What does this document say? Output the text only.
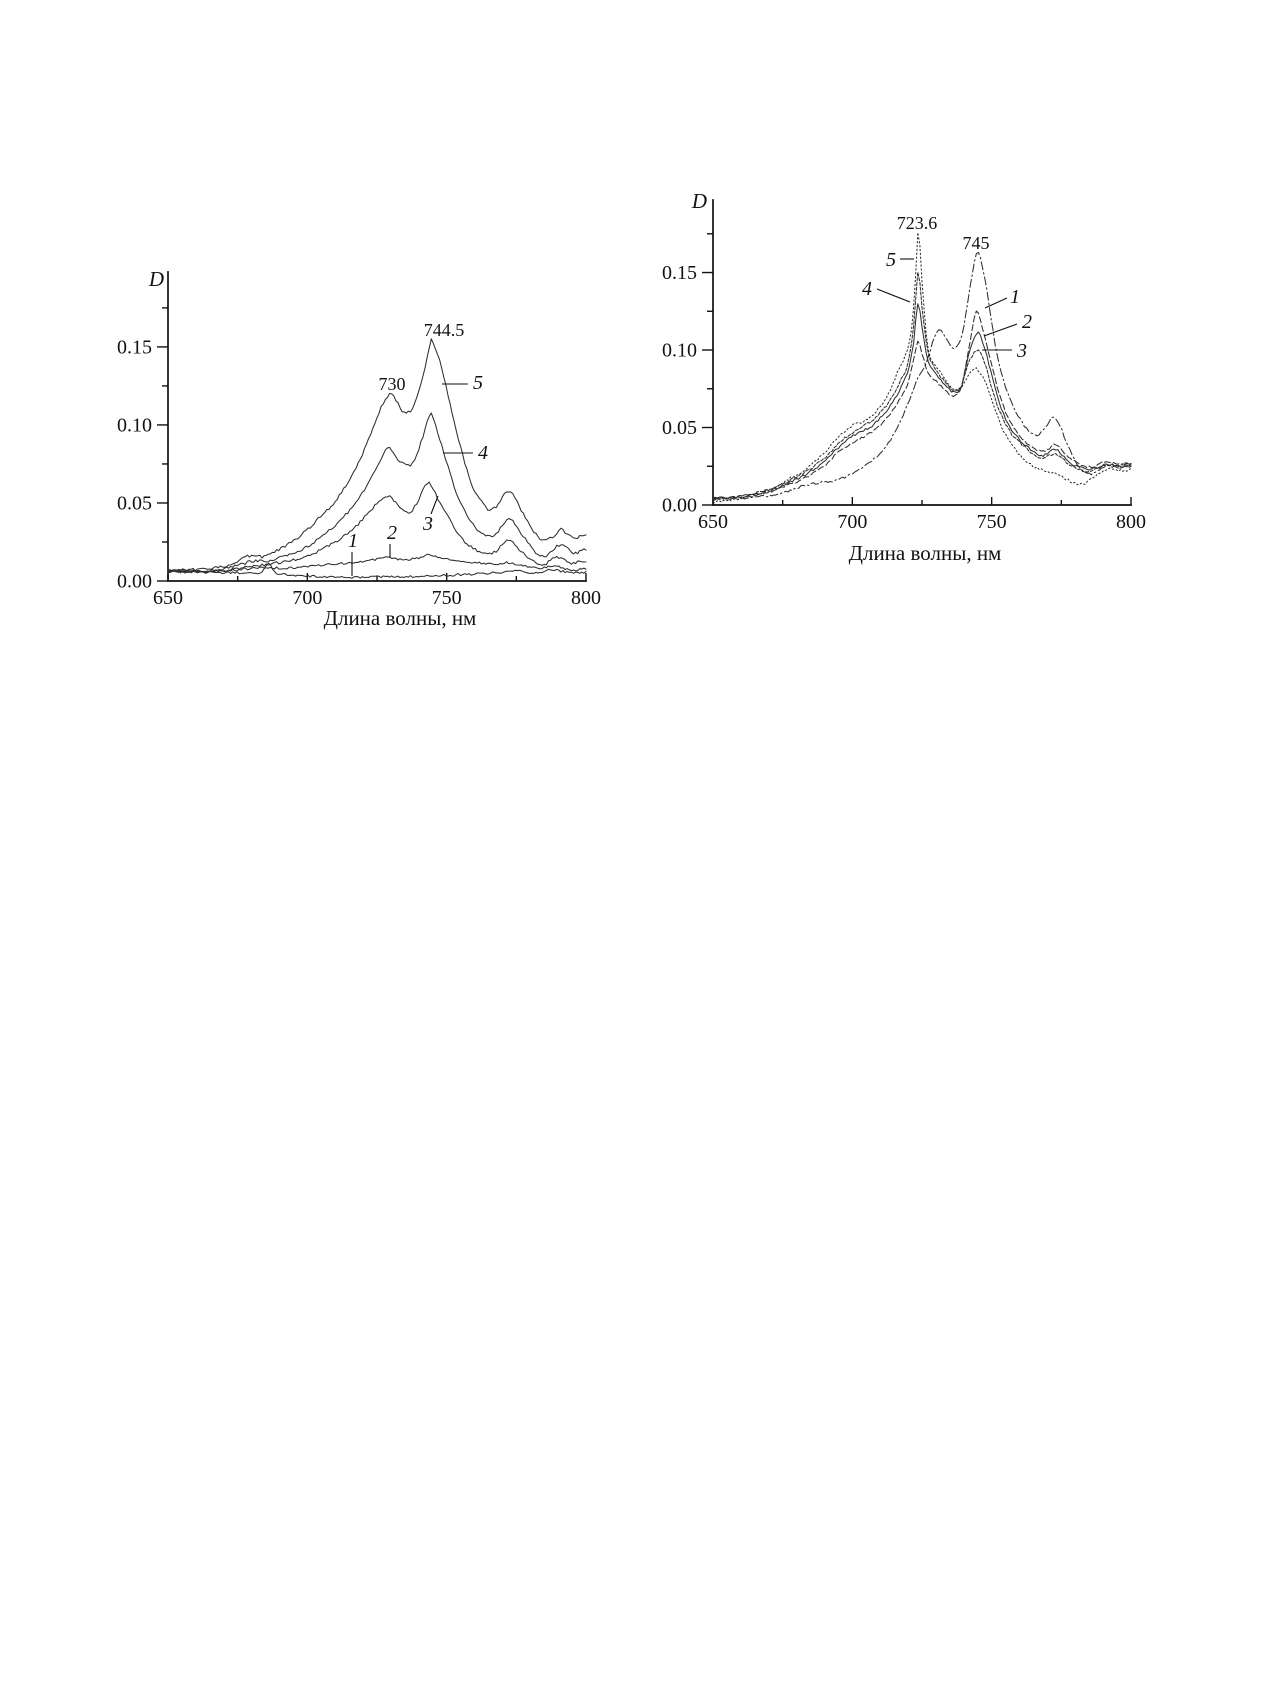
650	700	750	800
0.00
0.05
0.10
0.15
Длина волны, нм
D
730
744.5
1 2 3
4
5
650	700	750	800
0.00
0.05
0.10
0.15
Длина волны, нм
D
723.6
745
1
2
3
4
5
